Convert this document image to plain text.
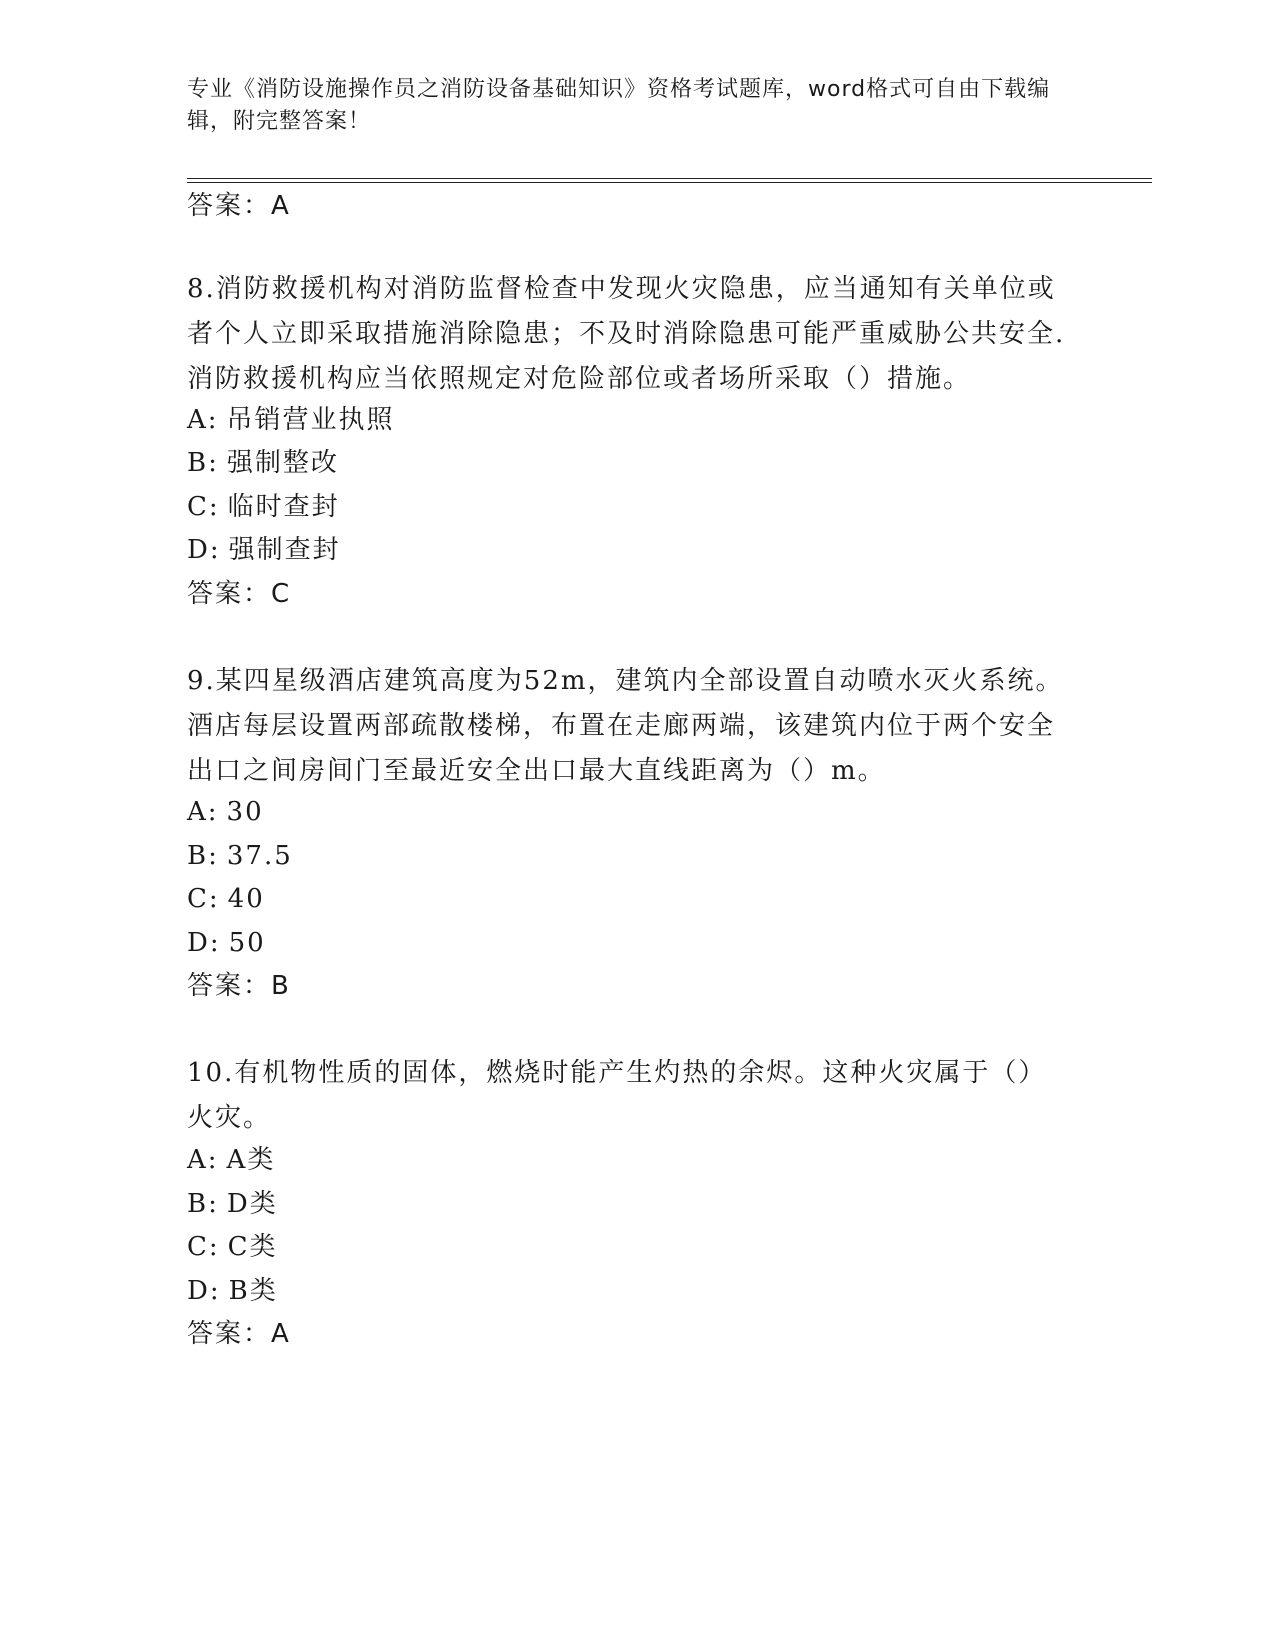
专业《消防设施操作员之消防设备基础知识》资格考试题库，word格式可自由下载编辑，附完整答案！
答案：A
8.消防救援机构对消防监督检查中发现火灾隐患，应当通知有关单位或者个人立即采取措施消除隐患；不及时消除隐患可能严重威胁公共安全.消防救援机构应当依照规定对危险部位或者场所采取（）措施。
A: 吊销营业执照
B: 强制整改
C: 临时查封
D: 强制查封
答案：C
9.某四星级酒店建筑高度为52m，建筑内全部设置自动喷水灭火系统。酒店每层设置两部疏散楼梯，布置在走廊两端，该建筑内位于两个安全出口之间房间门至最近安全出口最大直线距离为（）m。
A: 30
B: 37.5
C: 40
D: 50
答案：B
10.有机物性质的固体，燃烧时能产生灼热的余烬。这种火灾属于（）火灾。
A: A类
B: D类
C: C类
D: B类
答案：A
